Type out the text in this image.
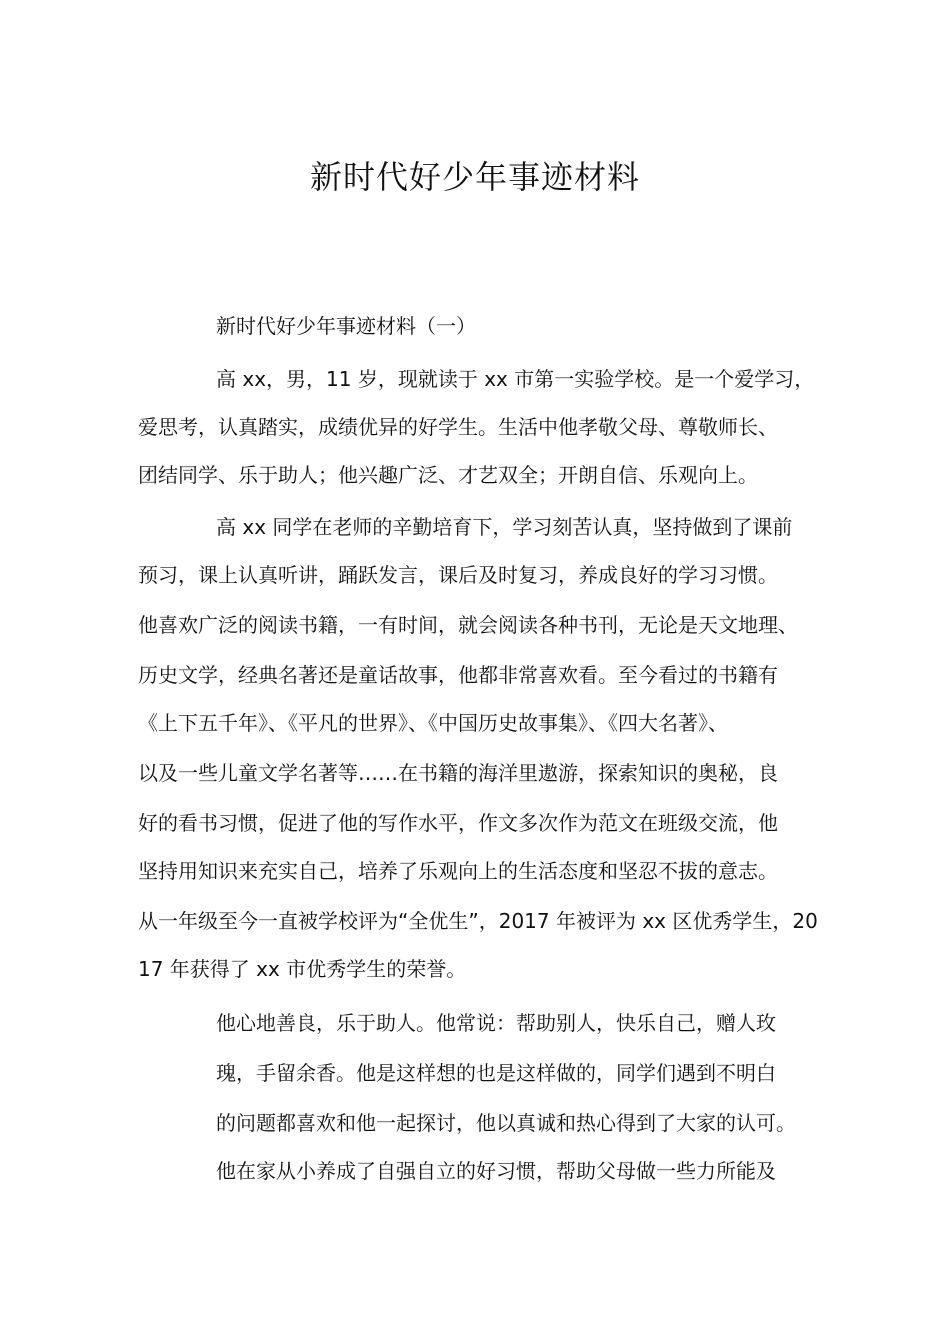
新时代好少年事迹材料
新时代好少年事迹材料（一）
高 xx，男，11 岁，现就读于 xx 市第一实验学校。是一个爱学习，
爱思考，认真踏实，成绩优异的好学生。生活中他孝敬父母、尊敬师长、
团结同学、乐于助人；他兴趣广泛、才艺双全；开朗自信、乐观向上。
高 xx 同学在老师的辛勤培育下，学习刻苦认真，坚持做到了课前
预习，课上认真听讲，踊跃发言，课后及时复习，养成良好的学习习惯。
他喜欢广泛的阅读书籍，一有时间，就会阅读各种书刊，无论是天文地理、
历史文学，经典名著还是童话故事，他都非常喜欢看。至今看过的书籍有
《上下五千年》、《平凡的世界》、《中国历史故事集》、《四大名著》、
以及一些儿童文学名著等……在书籍的海洋里遨游，探索知识的奥秘，良
好的看书习惯，促进了他的写作水平，作文多次作为范文在班级交流，他
坚持用知识来充实自己，培养了乐观向上的生活态度和坚忍不拔的意志。
从一年级至今一直被学校评为“全优生”，2017 年被评为 xx 区优秀学生，20
17 年获得了 xx 市优秀学生的荣誉。
他心地善良，乐于助人。他常说：帮助别人，快乐自己，赠人玫
瑰，手留余香。他是这样想的也是这样做的，同学们遇到不明白
的问题都喜欢和他一起探讨，他以真诚和热心得到了大家的认可。
他在家从小养成了自强自立的好习惯，帮助父母做一些力所能及
